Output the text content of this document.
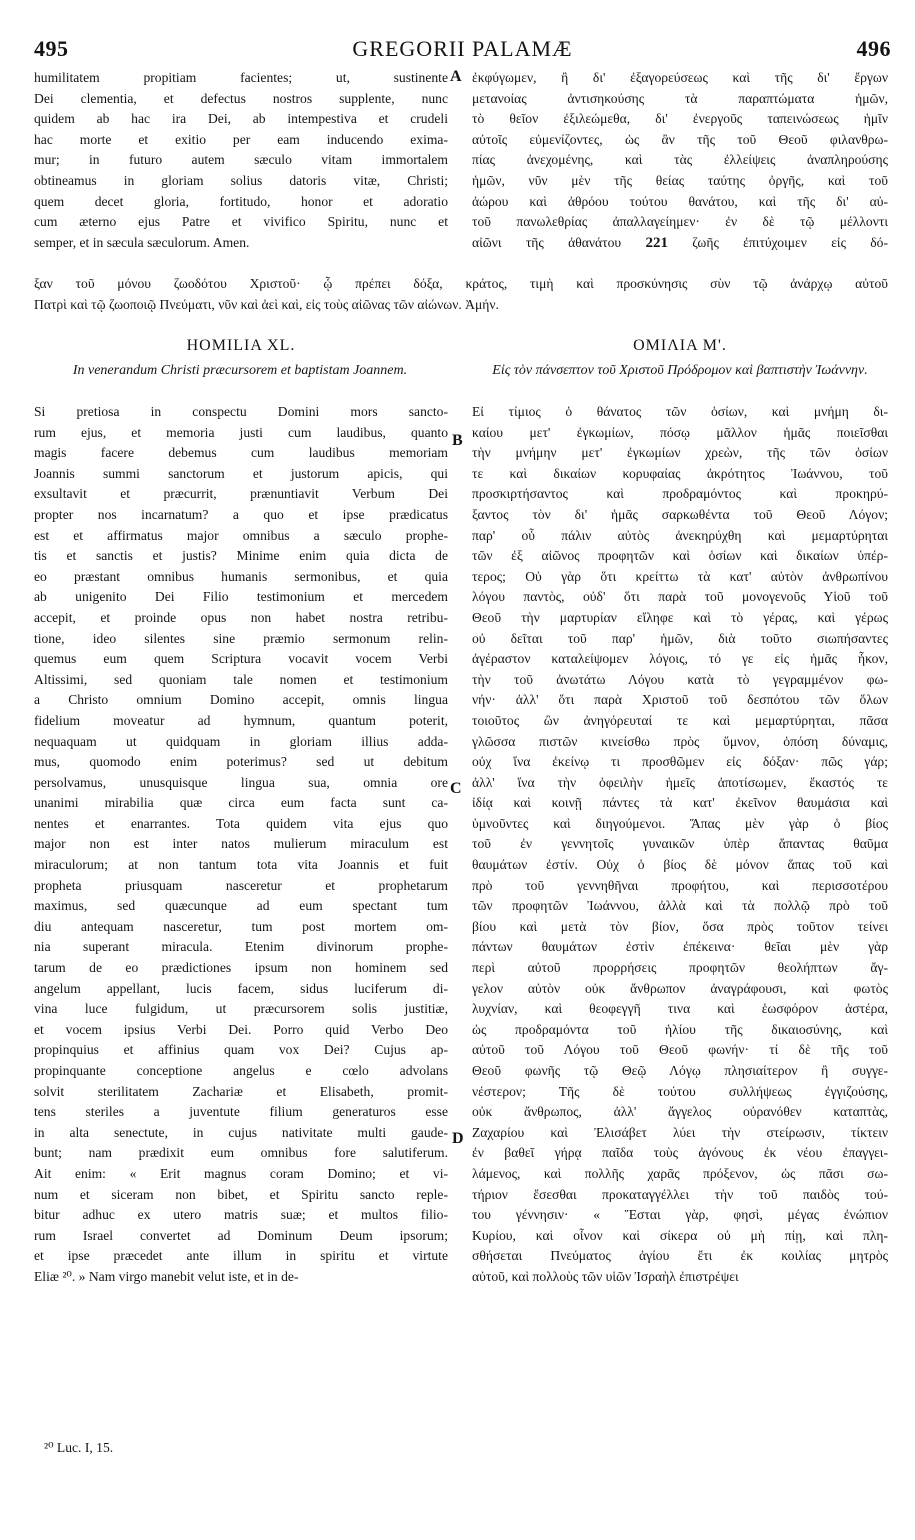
495	GREGORII PALAMÆ	496
humilitatem propitiam facientes; ut, sustinente
Dei clementia, et defectus nostros supplente, nunc
quidem ab hac ira Dei, ab intempestiva et crudeli
hac morte et exitio per eam inducendo exima-
mur; in futuro autem sæculo vitam immortalem
obtineamus in gloriam solius datoris vitæ, Christi;
quem decet gloria, fortitudo, honor et adoratio
cum æterno ejus Patre et vivifico Spiritu, nunc et
semper, et in sæcula sæculorum. Amen.
ἐκφύγωμεν, ἢ δι' ἐξαγορεύσεως καὶ τῆς δι' ἔργων
μετανοίας ἀντισηκούσης τὰ παραπτώματα ἡμῶν,
τὸ θεῖον ἐξιλεώμεθα, δι' ἐνεργοῦς ταπεινώσεως ἡμῖν
αὐτοῖς εὐμενίζοντες, ὡς ἂν τῆς τοῦ Θεοῦ φιλανθρω-
πίας ἀνεχομένης, καὶ τὰς ἐλλείψεις ἀναπληρούσης
ἡμῶν, νῦν μὲν τῆς θείας ταύτης ὀργῆς, καὶ τοῦ
ἀώρου καὶ ἀθρόου τούτου θανάτου, καὶ τῆς δι' αὐ-
τοῦ πανωλεθρίας ἀπαλλαγείημεν· ἐν δὲ τῷ μέλλοντι
αἰῶνι τῆς ἀθανάτου 221 ζωῆς ἐπιτύχοιμεν εἰς δό-
A
ξαν τοῦ μόνου ζωοδότου Χριστοῦ· ᾧ πρέπει δόξα, κράτος, τιμὴ καὶ προσκύνησις σὺν τῷ ἀνάρχῳ αὐτοῦ
Πατρὶ καὶ τῷ ζωοποιῷ Πνεύματι, νῦν καὶ ἀεὶ καὶ, εἰς τοὺς αἰῶνας τῶν αἰώνων. Ἀμήν.
HOMILIA XL.	ΟΜΙΛΙΑ Μ'.
In venerandum Christi præcursorem et baptistam Joannem.	Εἰς τὸν πάνσεπτον τοῦ Χριστοῦ Πρόδρομον καὶ βαπτιστὴν Ἰωάννην.
Si pretiosa in conspectu Domini mors sancto-
rum ejus, et memoria justi cum laudibus, quanto
magis facere debemus cum laudibus memoriam
Joannis summi sanctorum et justorum apicis, qui
exsultavit et præcurrit, prænuntiavit Verbum Dei
propter nos incarnatum? a quo et ipse prædicatus
est et affirmatus major omnibus a sæculo prophe-
tis et sanctis et justis? Minime enim quia dicta de
eo præstant omnibus humanis sermonibus, et quia
ab unigenito Dei Filio testimonium et mercedem
accepit, et proinde opus non habet nostra retribu-
tione, ideo silentes sine præmio sermonum relin-
quemus eum quem Scriptura vocavit vocem Verbi
Altissimi, sed quoniam tale nomen et testimonium
a Christo omnium Domino accepit, omnis lingua
fidelium moveatur ad hymnum, quantum poterit,
nequaquam ut quidquam in gloriam illius adda-
mus, quomodo enim poterimus? sed ut debitum
persolvamus, unusquisque lingua sua, omnia ore
unanimi mirabilia quæ circa eum facta sunt ca-
nentes et enarrantes. Tota quidem vita ejus quo
major non est inter natos mulierum miraculum est
miraculorum; at non tantum tota vita Joannis et fuit
propheta priusquam nasceretur et prophetarum
maximus, sed quæcunque ad eum spectant tum
diu antequam nasceretur, tum post mortem om-
nia superant miracula. Etenim divinorum prophe-
tarum de eo prædictiones ipsum non hominem sed
angelum appellant, lucis facem, sidus luciferum di-
vina luce fulgidum, ut præcursorem solis justitiæ,
et vocem ipsius Verbi Dei. Porro quid Verbo Deo
propinquius et affinius quam vox Dei? Cujus ap-
propinquante conceptione angelus e cœlo advolans
solvit sterilitatem Zachariæ et Elisabeth, promit-
tens steriles a juventute filium generaturos esse
in alta senectute, in cujus nativitate multi gaude-
bunt; nam prædixit eum omnibus fore salutiferum.
Ait enim: « Erit magnus coram Domino; et vi-
num et siceram non bibet, et Spiritu sancto reple-
bitur adhuc ex utero matris suæ; et multos filio-
rum Israel convertet ad Dominum Deum ipsorum;
et ipse præcedet ante illum in spiritu et virtute
Eliæ ²⁰. » Nam virgo manebit velut iste, et in de-
Εἰ τίμιος ὁ θάνατος τῶν ὁσίων, καὶ μνήμη δι-
καίου μετ' ἐγκωμίων, πόσῳ μᾶλλον ἡμᾶς ποιεῖσθαι
τὴν μνήμην μετ' ἐγκωμίων χρεὼν, τῆς τῶν ὁσίων
τε καὶ δικαίων κορυφαίας ἀκρότητος Ἰωάννου, τοῦ
προσκιρτήσαντος καὶ προδραμόντος καὶ προκηρύ-
ξαντος τὸν δι' ἡμᾶς σαρκωθέντα τοῦ Θεοῦ Λόγον;
παρ' οὗ πάλιν αὐτὸς ἀνεκηρύχθη καὶ μεμαρτύρηται
τῶν ἐξ αἰῶνος προφητῶν καὶ ὁσίων καὶ δικαίων ὑπέρ-
τερος; Οὐ γὰρ ὅτι κρείττω τὰ κατ' αὐτὸν ἀνθρωπίνου
λόγου παντὸς, οὐδ' ὅτι παρὰ τοῦ μονογενοῦς Υἱοῦ τοῦ
Θεοῦ τὴν μαρτυρίαν εἴληφε καὶ τὸ γέρας, καὶ γέρως
οὐ δεῖται τοῦ παρ' ἡμῶν, διὰ τοῦτο σιωπήσαντες
ἀγέραστον καταλείψομεν λόγοις, τό γε εἰς ἡμᾶς ἧκον,
τὴν τοῦ ἀνωτάτω Λόγου κατὰ τὸ γεγραμμένον φω-
νήν· ἀλλ' ὅτι παρὰ Χριστοῦ τοῦ δεσπότου τῶν ὅλων
τοιοῦτος ὢν ἀνηγόρευταί τε καὶ μεμαρτύρηται, πᾶσα
γλῶσσα πιστῶν κινείσθω πρὸς ὕμνον, ὁπόση δύναμις,
οὐχ ἵνα ἐκείνῳ τι προσθῶμεν εἰς δόξαν· πῶς γάρ;
ἀλλ' ἵνα τὴν ὀφειλὴν ἡμεῖς ἀποτίσωμεν, ἕκαστός τε
ἰδίᾳ καὶ κοινῇ πάντες τὰ κατ' ἐκεῖνον θαυμάσια καὶ
ὑμνοῦντες καὶ διηγούμενοι. Ἅπας μὲν γὰρ ὁ βίος
τοῦ ἐν γεννητοῖς γυναικῶν ὑπὲρ ἅπαντας θαῦμα
θαυμάτων ἐστίν. Οὐχ ὁ βίος δὲ μόνον ἅπας τοῦ καὶ
πρὸ τοῦ γεννηθῆναι προφήτου, καὶ περισσοτέρου
τῶν προφητῶν Ἰωάννου, ἀλλὰ καὶ τὰ πολλῷ πρὸ τοῦ
βίου καὶ μετὰ τὸν βίον, ὅσα πρὸς τοῦτον τείνει
πάντων θαυμάτων ἐστὶν ἐπέκεινα· θεῖαι μὲν γὰρ
περὶ αὐτοῦ προρρήσεις προφητῶν θεολήπτων ἄγ-
γελον αὐτὸν οὐκ ἄνθρωπον ἀναγράφουσι, καὶ φωτὸς
λυχνίαν, καὶ θεοφεγγῆ τινα καὶ ἑωσφόρον ἀστέρα,
ὡς προδραμόντα τοῦ ἡλίου τῆς δικαιοσύνης, καὶ
αὐτοῦ τοῦ Λόγου τοῦ Θεοῦ φωνήν· τί δὲ τῆς τοῦ
Θεοῦ φωνῆς τῷ Θεῷ Λόγῳ πλησιαίτερον ἢ συγγε-
νέστερον; Τῆς δὲ τούτου συλλήψεως ἐγγιζούσης,
οὐκ ἄνθρωπος, ἀλλ' ἄγγελος οὐρανόθεν καταπτὰς,
Ζαχαρίου καὶ Ἐλισάβετ λύει τὴν στείρωσιν, τίκτειν
ἐν βαθεῖ γήρᾳ παῖδα τοὺς ἀγόνους ἐκ νέου ἐπαγγει-
λάμενος, καὶ πολλῆς χαρᾶς πρόξενον, ὡς πᾶσι σω-
τήριον ἔσεσθαι προκαταγγέλλει τὴν τοῦ παιδὸς τού-
του γέννησιν· « Ἔσται γὰρ, φησὶ, μέγας ἐνώπιον
Κυρίου, καὶ οἶνον καὶ σίκερα οὐ μὴ πίῃ, καὶ πλη-
σθήσεται Πνεύματος ἁγίου ἔτι ἐκ κοιλίας μητρὸς
αὐτοῦ, καὶ πολλοὺς τῶν υἱῶν Ἰσραὴλ ἐπιστρέψει
B
C
D
²⁰ Luc. I, 15.
